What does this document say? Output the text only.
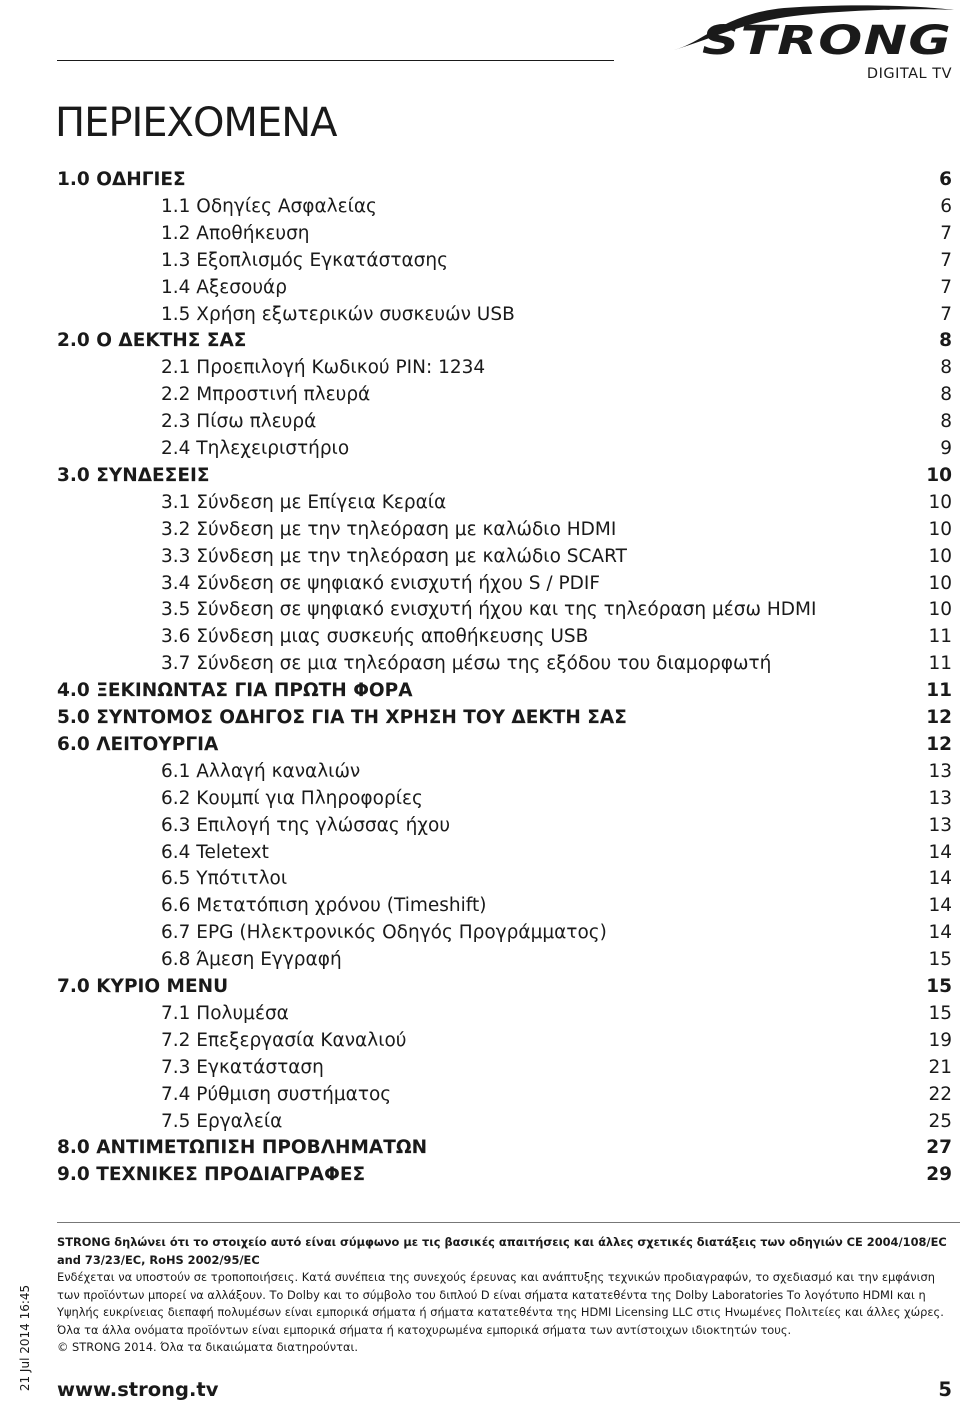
STRONG
DIGITAL TV
ΠΕΡΙΕΧΟΜΕΝΑ
1.0 ΟΔΗΓΙΕΣ	6
1.1 Οδηγίες Ασφαλείας	6
1.2 Αποθήκευση	7
1.3 Εξοπλισμός Εγκατάστασης	7
1.4 Αξεσουάρ	7
1.5 Χρήση εξωτερικών συσκευών USB	7
2.0 Ο ΔΕΚΤΗΣ ΣΑΣ	8
2.1 Προεπιλογή Κωδικού PIN: 1234	8
2.2 Μπροστινή πλευρά	8
2.3 Πίσω πλευρά	8
2.4 Τηλεχειριστήριο	9
3.0 ΣΥΝΔΕΣΕΙΣ	10
3.1 Σύνδεση με Επίγεια Κεραία	10
3.2 Σύνδεση με την τηλεόραση με καλώδιο HDMI	10
3.3 Σύνδεση με την τηλεόραση με καλώδιο SCART	10
3.4 Σύνδεση σε ψηφιακό ενισχυτή ήχου S / PDIF	10
3.5 Σύνδεση σε ψηφιακό ενισχυτή ήχου και της τηλεόραση μέσω HDMI	10
3.6 Σύνδεση μιας συσκευής αποθήκευσης USB	11
3.7 Σύνδεση σε μια τηλεόραση μέσω της εξόδου του διαμορφωτή	11
4.0 ΞΕΚΙΝΩΝΤΑΣ ΓΙΑ ΠΡΩΤΗ ΦΟΡΑ	11
5.0 ΣΥΝΤΟΜΟΣ ΟΔΗΓΟΣ ΓΙΑ ΤΗ ΧΡΗΣΗ ΤΟΥ ΔΕΚΤΗ ΣΑΣ	12
6.0 ΛΕΙΤΟΥΡΓΙΑ	12
6.1 Αλλαγή καναλιών	13
6.2 Κουμπί για Πληροφορίες	13
6.3 Επιλογή της γλώσσας ήχου	13
6.4 Teletext	14
6.5 Υπότιτλοι	14
6.6 Μετατόπιση χρόνου (Timeshift)	14
6.7 EPG (Ηλεκτρονικός Οδηγός Προγράμματος)	14
6.8 Άμεση Εγγραφή	15
7.0 ΚΥΡΙΟ MENU	15
7.1 Πολυμέσα	15
7.2 Επεξεργασία Καναλιού	19
7.3 Εγκατάσταση	21
7.4 Ρύθμιση συστήματος	22
7.5 Εργαλεία	25
8.0 ΑΝΤΙΜΕΤΩΠΙΣΗ ΠΡΟΒΛΗΜΑΤΩΝ	27
9.0 ΤΕΧΝΙΚΕΣ ΠΡΟΔΙΑΓΡΑΦΕΣ	29
21 Jul 2014 16:45

STRONG δηλώνει ότι το στοιχείο αυτό είναι σύμφωνο με τις βασικές απαιτήσεις και άλλες σχετικές διατάξεις των οδηγιών CE 2004/108/EC and 73/23/EC, RoHS 2002/95/EC

Ενδέχεται να υποστούν σε τροποποιήσεις. Κατά συνέπεια της συνεχούς έρευνας και ανάπτυξης τεχνικών προδιαγραφών, το σχεδιασμό και την εμφάνιση των προϊόντων μπορεί να αλλάξουν. Το Dolby και το σύμβολο του διπλού D είναι σήματα κατατεθέντα της Dolby Laboratories Το λογότυπο HDMI και η Υψηλής ευκρίνειας διεπαφή πολυμέσων είναι εμπορικά σήματα ή σήματα κατατεθέντα της HDMI Licensing LLC στις Ηνωμένες Πολιτείες και άλλες χώρες. Όλα τα άλλα ονόματα προϊόντων είναι εμπορικά σήματα ή κατοχυρωμένα εμπορικά σήματα των αντίστοιχων ιδιοκτητών τους.

© STRONG 2014. Όλα τα δικαιώματα διατηρούνται.

www.strong.tv	5
